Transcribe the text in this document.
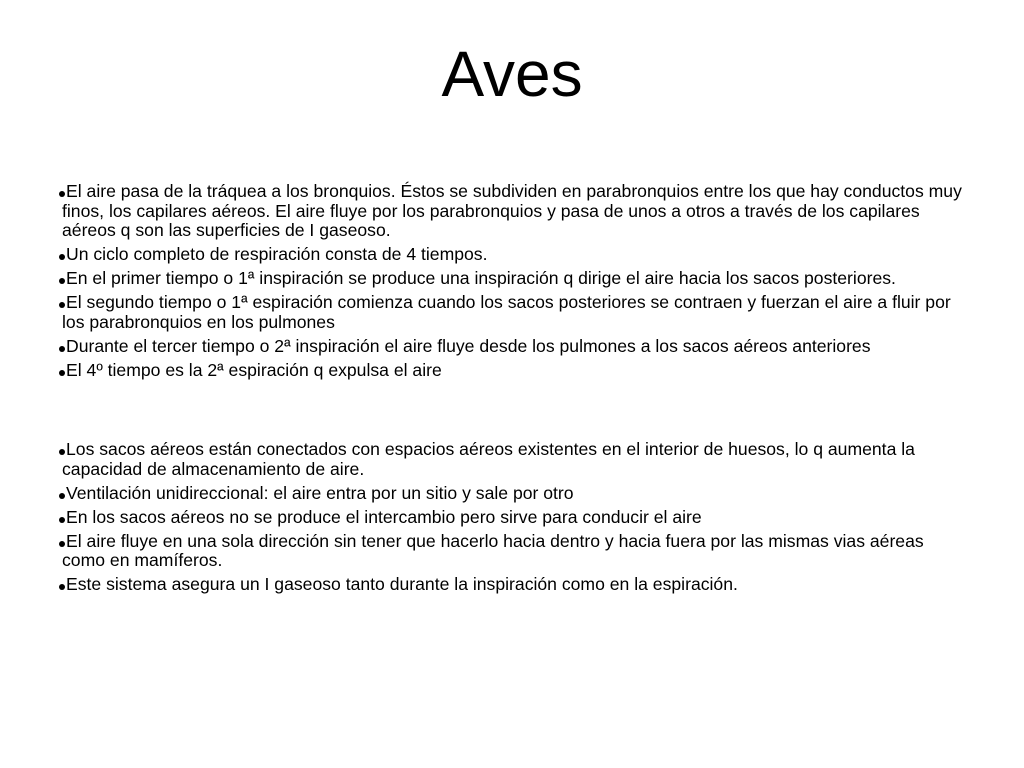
Aves
El aire pasa de la tráquea a los bronquios. Éstos se subdividen en parabronquios entre los que hay conductos muy finos, los capilares aéreos. El aire fluye por los parabronquios y pasa de unos a otros a través de los capilares aéreos q son las superficies de I gaseoso.
Un ciclo completo de respiración consta de 4 tiempos.
En el primer tiempo o 1ª inspiración se produce una inspiración q dirige el aire hacia los sacos posteriores.
El segundo tiempo o 1ª espiración comienza cuando los sacos posteriores se contraen y fuerzan el aire a fluir por los parabronquios en los pulmones
Durante el tercer tiempo o 2ª inspiración el aire fluye desde los pulmones a los sacos aéreos anteriores
El 4º tiempo es la 2ª espiración q expulsa el aire
Los sacos aéreos están conectados con espacios aéreos existentes en el interior de huesos, lo q aumenta la capacidad de almacenamiento de aire.
Ventilación unidireccional: el aire entra por un sitio y sale por otro
En los sacos aéreos no se produce el intercambio pero sirve para conducir el aire
El aire fluye en una sola dirección sin tener que hacerlo hacia dentro y hacia fuera por las mismas vias aéreas como en mamíferos.
Este sistema asegura un I gaseoso tanto durante la inspiración como en la espiración.
